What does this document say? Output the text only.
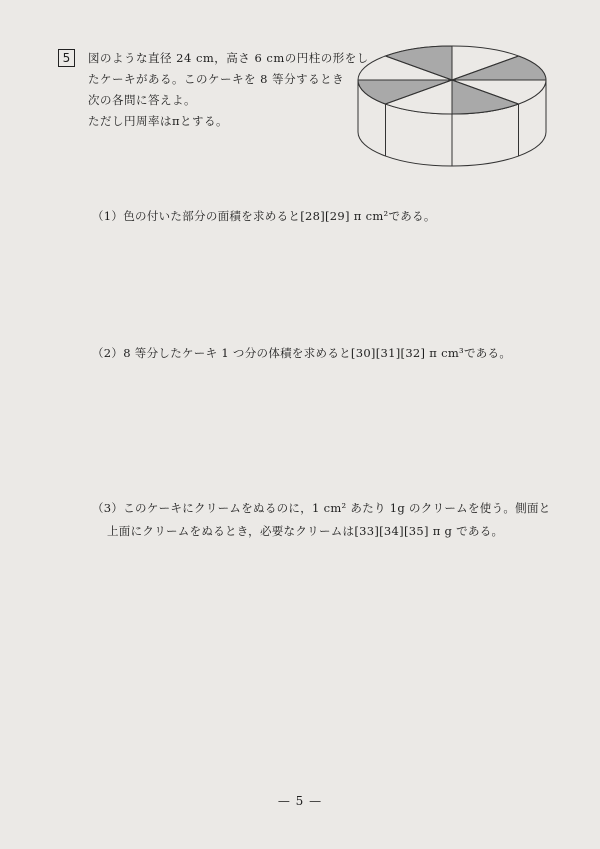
5	図のような直径 24 cm，高さ 6 cmの円柱の形をし
たケーキがある。このケーキを 8 等分するとき
次の各問に答えよ。
ただし円周率はπとする。
（1）色の付いた部分の面積を求めると[28][29] π cm²である。
（2）8 等分したケーキ 1 つ分の体積を求めると[30][31][32] π cm³である。
（3）このケーキにクリームをぬるのに，1 cm² あたり 1g のクリームを使う。側面と
上面にクリームをぬるとき，必要なクリームは[33][34][35] π g である。
— 5 —
